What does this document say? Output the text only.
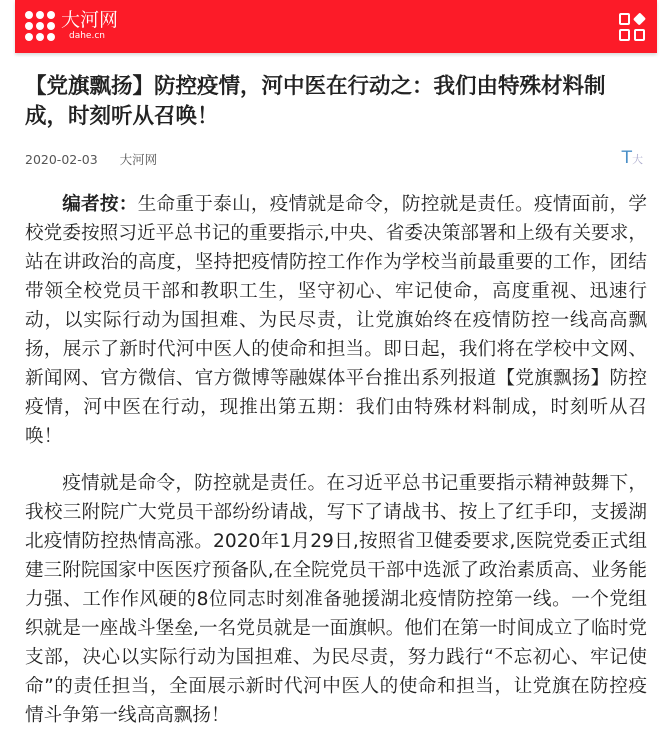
大河网
dahe.cn
【党旗飘扬】防控疫情，河中医在行动之：我们由特殊材料制成，时刻听从召唤！
2020-02-03 大河网	T大

编者按：生命重于泰山，疫情就是命令，防控就是责任。疫情面前，学校党委按照习近平总书记的重要指示,中央、省委决策部署和上级有关要求，站在讲政治的高度，坚持把疫情防控工作作为学校当前最重要的工作，团结带领全校党员干部和教职工生，坚守初心、牢记使命，高度重视、迅速行动，以实际行动为国担难、为民尽责，让党旗始终在疫情防控一线高高飘扬，展示了新时代河中医人的使命和担当。即日起，我们将在学校中文网、新闻网、官方微信、官方微博等融媒体平台推出系列报道【党旗飘扬】防控疫情，河中医在行动，现推出第五期：我们由特殊材料制成，时刻听从召唤！

疫情就是命令，防控就是责任。在习近平总书记重要指示精神鼓舞下，我校三附院广大党员干部纷纷请战，写下了请战书、按上了红手印，支援湖北疫情防控热情高涨。2020年1月29日,按照省卫健委要求,医院党委正式组建三附院国家中医医疗预备队,在全院党员干部中选派了政治素质高、业务能力强、工作作风硬的8位同志时刻准备驰援湖北疫情防控第一线。一个党组织就是一座战斗堡垒,一名党员就是一面旗帜。他们在第一时间成立了临时党支部，决心以实际行动为国担难、为民尽责，努力践行“不忘初心、牢记使命”的责任担当，全面展示新时代河中医人的使命和担当，让党旗在防控疫情斗争第一线高高飘扬！
